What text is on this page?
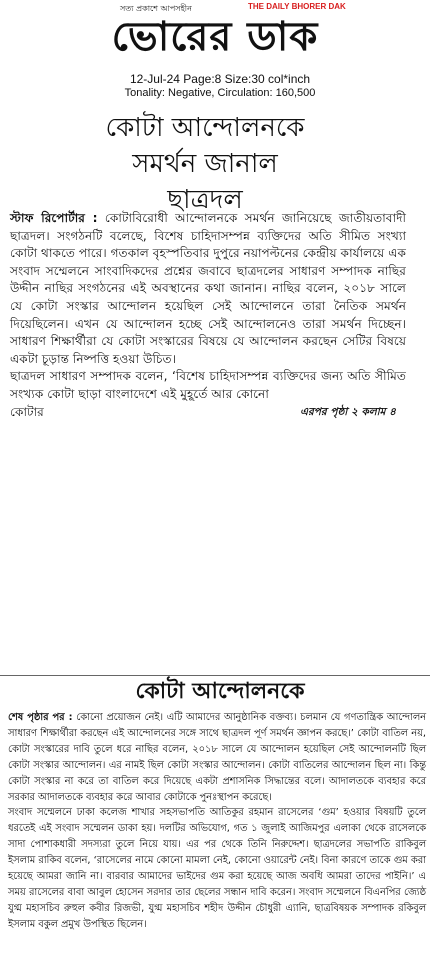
সত্য প্রকাশে আপসহীন	THE DAILY BHORER DAK
ভোরের ডাক
12-Jul-24 Page:8 Size:30 col*inch
Tonality: Negative, Circulation: 160,500
কোটা আন্দোলনকে
সমর্থন জানাল
ছাত্রদল

স্টাফ রিপোর্টার : কোটাবিরোধী আন্দোলনকে সমর্থন জানিয়েছে জাতীয়তাবাদী ছাত্রদল। সংগঠনটি বলেছে, বিশেষ চাহিদাসম্পন্ন ব্যক্তিদের অতি সীমিত সংখ্যা কোটা থাকতে পারে। গতকাল বৃহস্পতিবার দুপুরে নয়াপল্টনের কেন্দ্রীয় কার্যালয়ে এক সংবাদ সম্মেলনে সাংবাদিকদের প্রশ্নের জবাবে ছাত্রদলের সাধারণ সম্পাদক নাছির উদ্দীন নাছির সংগঠনের এই অবস্থানের কথা জানান। নাছির বলেন, ২০১৮ সালে যে কোটা সংস্কার আন্দোলন হয়েছিল সেই আন্দোলনে তারা নৈতিক সমর্থন দিয়েছিলেন। এখন যে আন্দোলন হচ্ছে সেই আন্দোলনেও তারা সমর্থন দিচ্ছেন। সাধারণ শিক্ষার্থীরা যে কোটা সংস্কারের বিষয়ে যে আন্দোলন করছেন সেটির বিষয়ে একটা চূড়ান্ত নিষ্পত্তি হওয়া উচিত।

ছাত্রদল সাধারণ সম্পাদক বলেন, ‘বিশেষ চাহিদাসম্পন্ন ব্যক্তিদের জন্য অতি সীমিত সংখ্যক কোটা ছাড়া বাংলাদেশে এই মুহূর্তে আর কোনো

কোটার	এরপর পৃষ্ঠা ২ কলাম ৪
কোটা আন্দোলনকে
শেষ পৃষ্ঠার পর : কোনো প্রয়োজন নেই। এটি আমাদের আনুষ্ঠানিক বক্তব্য। চলমান যে গণতান্ত্রিক আন্দোলন সাধারণ শিক্ষার্থীরা করছেন এই আন্দোলনের সঙ্গে সাথে ছাত্রদল পূর্ণ সমর্থন জ্ঞাপন করছে।’ কোটা বাতিল নয়, কোটা সংস্কারের দাবি তুলে ধরে নাছির বলেন, ২০১৮ সালে যে আন্দোলন হয়েছিল সেই আন্দোলনটি ছিল কোটা সংস্কার আন্দোলন। এর নামই ছিল কোটা সংস্কার আন্দোলন। কোটা বাতিলের আন্দোলন ছিল না। কিন্তু কোটা সংস্কার না করে তা বাতিল করে দিয়েছে একটা প্রশাসনিক সিদ্ধান্তের বলে। আদালতকে ব্যবহার করে সরকার আদালতকে ব্যবহার করে আবার কোটাকে পুনঃস্থাপন করেছে।
সংবাদ সম্মেলনে ঢাকা কলেজ শাখার সহসভাপতি আতিকুর রহমান রাসেলের ‘গুম’ হওয়ার বিষয়টি তুলে ধরতেই এই সংবাদ সম্মেলন ডাকা হয়। দলটির অভিযোগ, গত ১ জুলাই আজিমপুর এলাকা থেকে রাসেলকে সাদা পোশাকধারী সদস্যরা তুলে নিয়ে যায়। এর পর থেকে তিনি নিরুদ্দেশ। ছাত্রদলের সভাপতি রাকিবুল ইসলাম রাকিব বলেন, ‘রাসেলের নামে কোনো মামলা নেই, কোনো ওয়ারেন্ট নেই। বিনা কারণে তাকে গুম করা হয়েছে আমরা জানি না। বারবার আমাদের ভাইদের গুম করা হয়েছে আজ অবধি আমরা তাদের পাইনি।’ এ সময় রাসেলের বাবা আবুল হোসেন সরদার তার ছেলের সন্ধান দাবি করেন। সংবাদ সম্মেলনে বিএনপির জ্যেষ্ঠ যুগ্ম মহাসচিব রুহুল কবীর রিজভী, যুগ্ম মহাসচিব শহীদ উদ্দীন চৌধুরী এ্যানি, ছাত্রবিষয়ক সম্পাদক রকিবুল ইসলাম বকুল প্রমুখ উপস্থিত ছিলেন।
